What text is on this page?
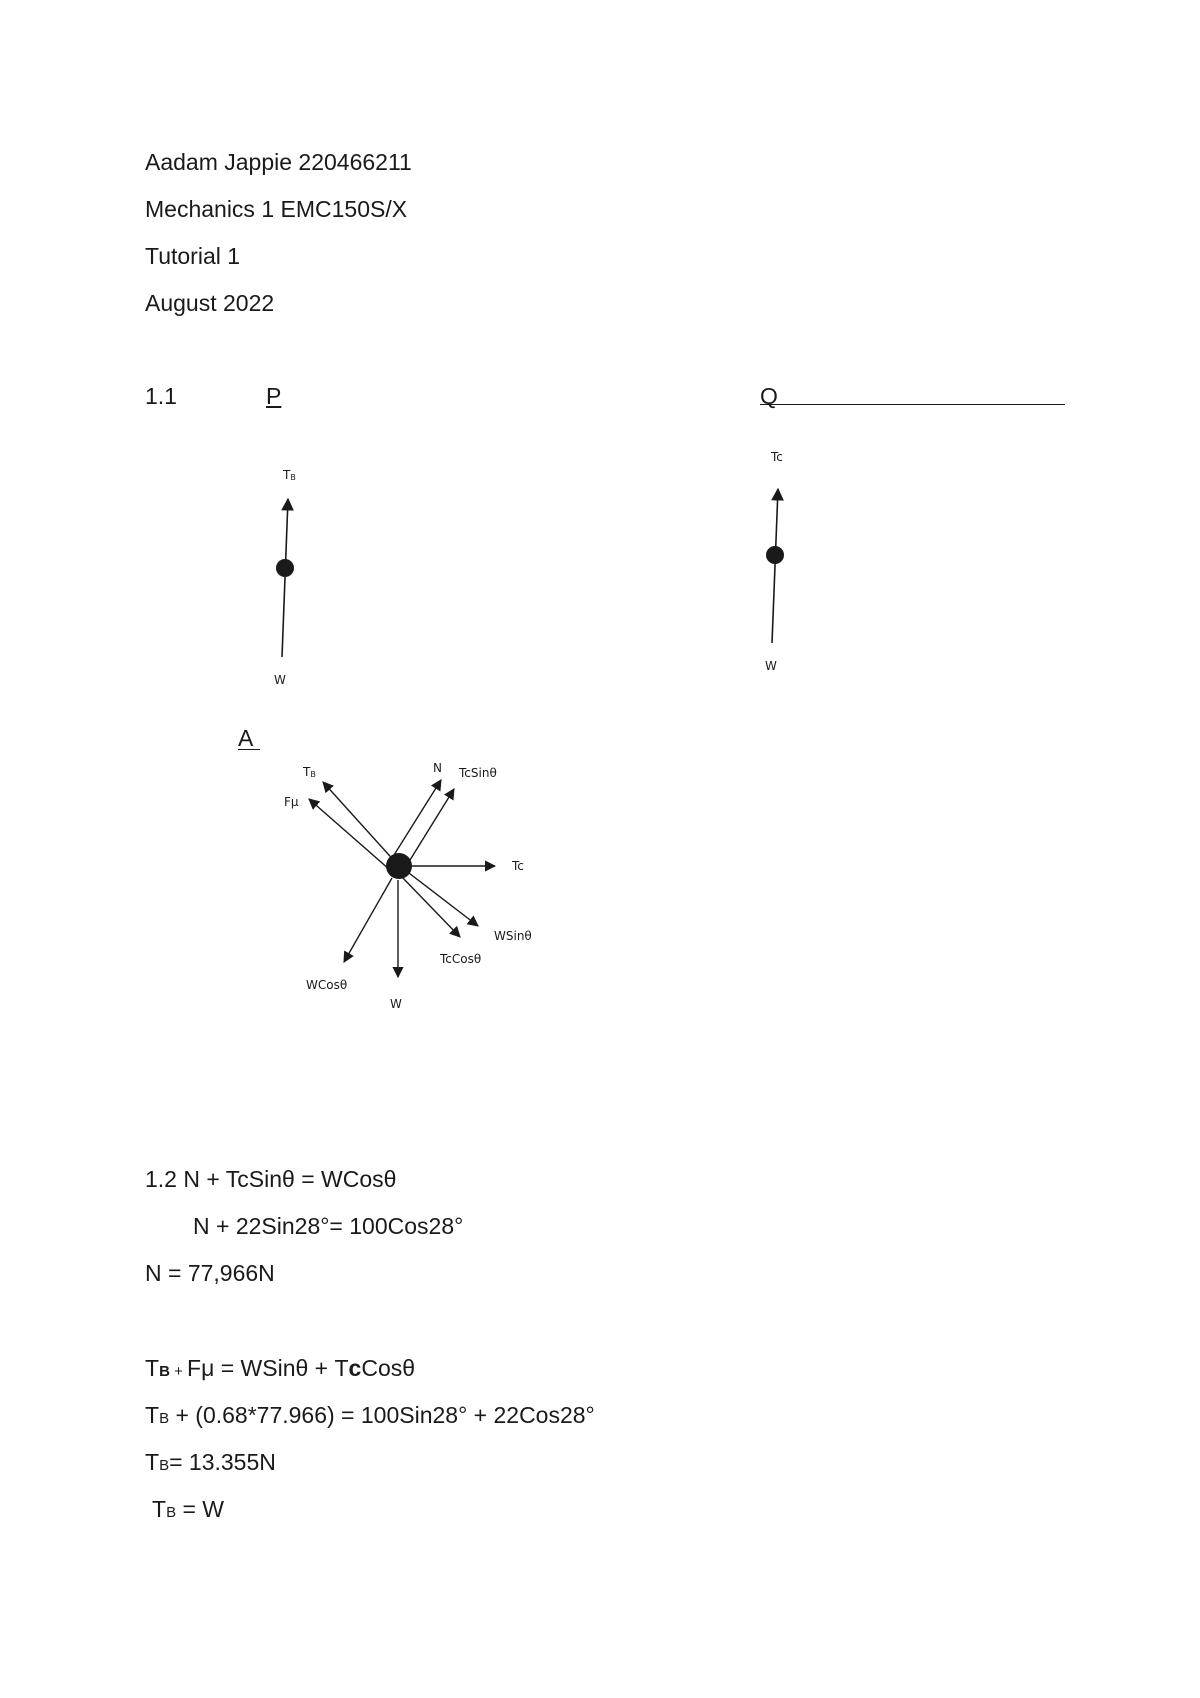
Aadam Jappie 220466211
Mechanics 1 EMC150S/X
Tutorial 1
August 2022
1.1	P	Q
A
TB
W
Tc
W
TB
Fμ
N TcSinθ
Tc
WSinθ
TcCosθ
WCosθ
W
1.2 N + TcSinθ = WCosθ
N + 22Sin28°= 100Cos28°
N = 77,966N
TB + Fμ = WSinθ + TcCosθ
TB + (0.68*77.966) = 100Sin28° + 22Cos28°
TB= 13.355N
TB = W
